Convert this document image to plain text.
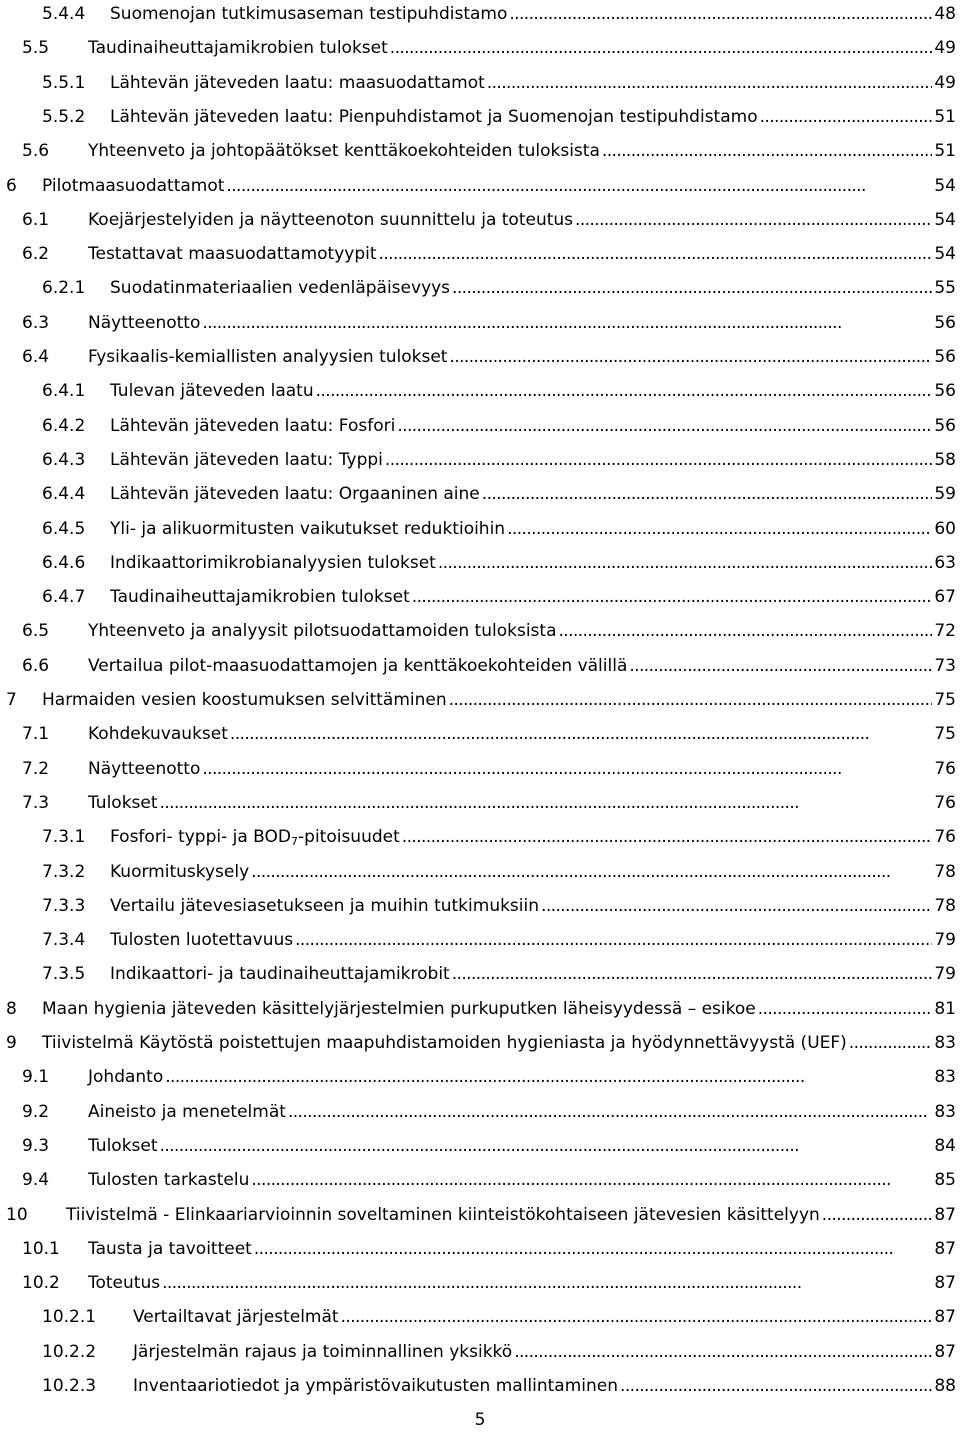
5.4.4	Suomenojan tutkimusaseman testipuhdistamo . . .	48
5.5	Taudinaiheuttajamikrobien tulokset . . .	49
5.5.1	Lähtevän jäteveden laatu: maasuodattamot . . .	49
5.5.2	Lähtevän jäteveden laatu: Pienpuhdistamot ja Suomenojan testipuhdistamo . . .	51
5.6	Yhteenveto ja johtopäätökset kenttäkoekohteiden tuloksista . . .	51
6	Pilotmaasuodattamot . . .	54
6.1	Koejärjestelyiden ja näytteenoton suunnittelu ja toteutus . . .	54
6.2	Testattavat maasuodattamotyypit . . .	54
6.2.1	Suodatinmateriaalien vedenläpäisevyys . . .	55
6.3	Näytteenotto . . .	56
6.4	Fysikaalis-kemiallisten analyysien tulokset . . .	56
6.4.1	Tulevan jäteveden laatu . . .	56
6.4.2	Lähtevän jäteveden laatu: Fosfori . . .	56
6.4.3	Lähtevän jäteveden laatu: Typpi . . .	58
6.4.4	Lähtevän jäteveden laatu: Orgaaninen aine . . .	59
6.4.5	Yli- ja alikuormitusten vaikutukset reduktioihin . . .	60
6.4.6	Indikaattorimikrobianalyysien tulokset . . .	63
6.4.7	Taudinaiheuttajamikrobien tulokset . . .	67
6.5	Yhteenveto ja analyysit pilotsuodattamoiden tuloksista . . .	72
6.6	Vertailua pilot-maasuodattamojen ja kenttäkoekohteiden välillä . . .	73
7	Harmaiden vesien koostumuksen selvittäminen . . .	75
7.1	Kohdekuvaukset . . .	75
7.2	Näytteenotto . . .	76
7.3	Tulokset . . .	76
7.3.1	Fosfori- typpi- ja $BOD_7$-pitoisuudet . . .	76
7.3.2	Kuormituskysely . . .	78
7.3.3	Vertailu jätevesiasetukseen ja muihin tutkimuksiin . . .	78
7.3.4	Tulosten luotettavuus . . .	79
7.3.5	Indikaattori- ja taudinaiheuttajamikrobit . . .	79
8	Maan hygienia jäteveden käsittelyjärjestelmien purkuputken läheisyydessä – esikoe . . .	81
9	Tiivistelmä Käytöstä poistettujen maapuhdistamoiden hygieniasta ja hyödynnettävyystä (UEF) . . .	83
9.1	Johdanto . . .	83
9.2	Aineisto ja menetelmät . . .	83
9.3	Tulokset . . .	84
9.4	Tulosten tarkastelu . . .	85
10	Tiivistelmä - Elinkaariarvioinnin soveltaminen kiinteistökohtaiseen jätevesien käsittelyyn . . .	87
10.1	Tausta ja tavoitteet . . .	87
10.2	Toteutus . . .	87
10.2.1	Vertailtavat järjestelmät . . .	87
10.2.2	Järjestelmän rajaus ja toiminnallinen yksikkö . . .	87
10.2.3	Inventaariotiedot ja ympäristövaikutusten mallintaminen . . .	88
5
